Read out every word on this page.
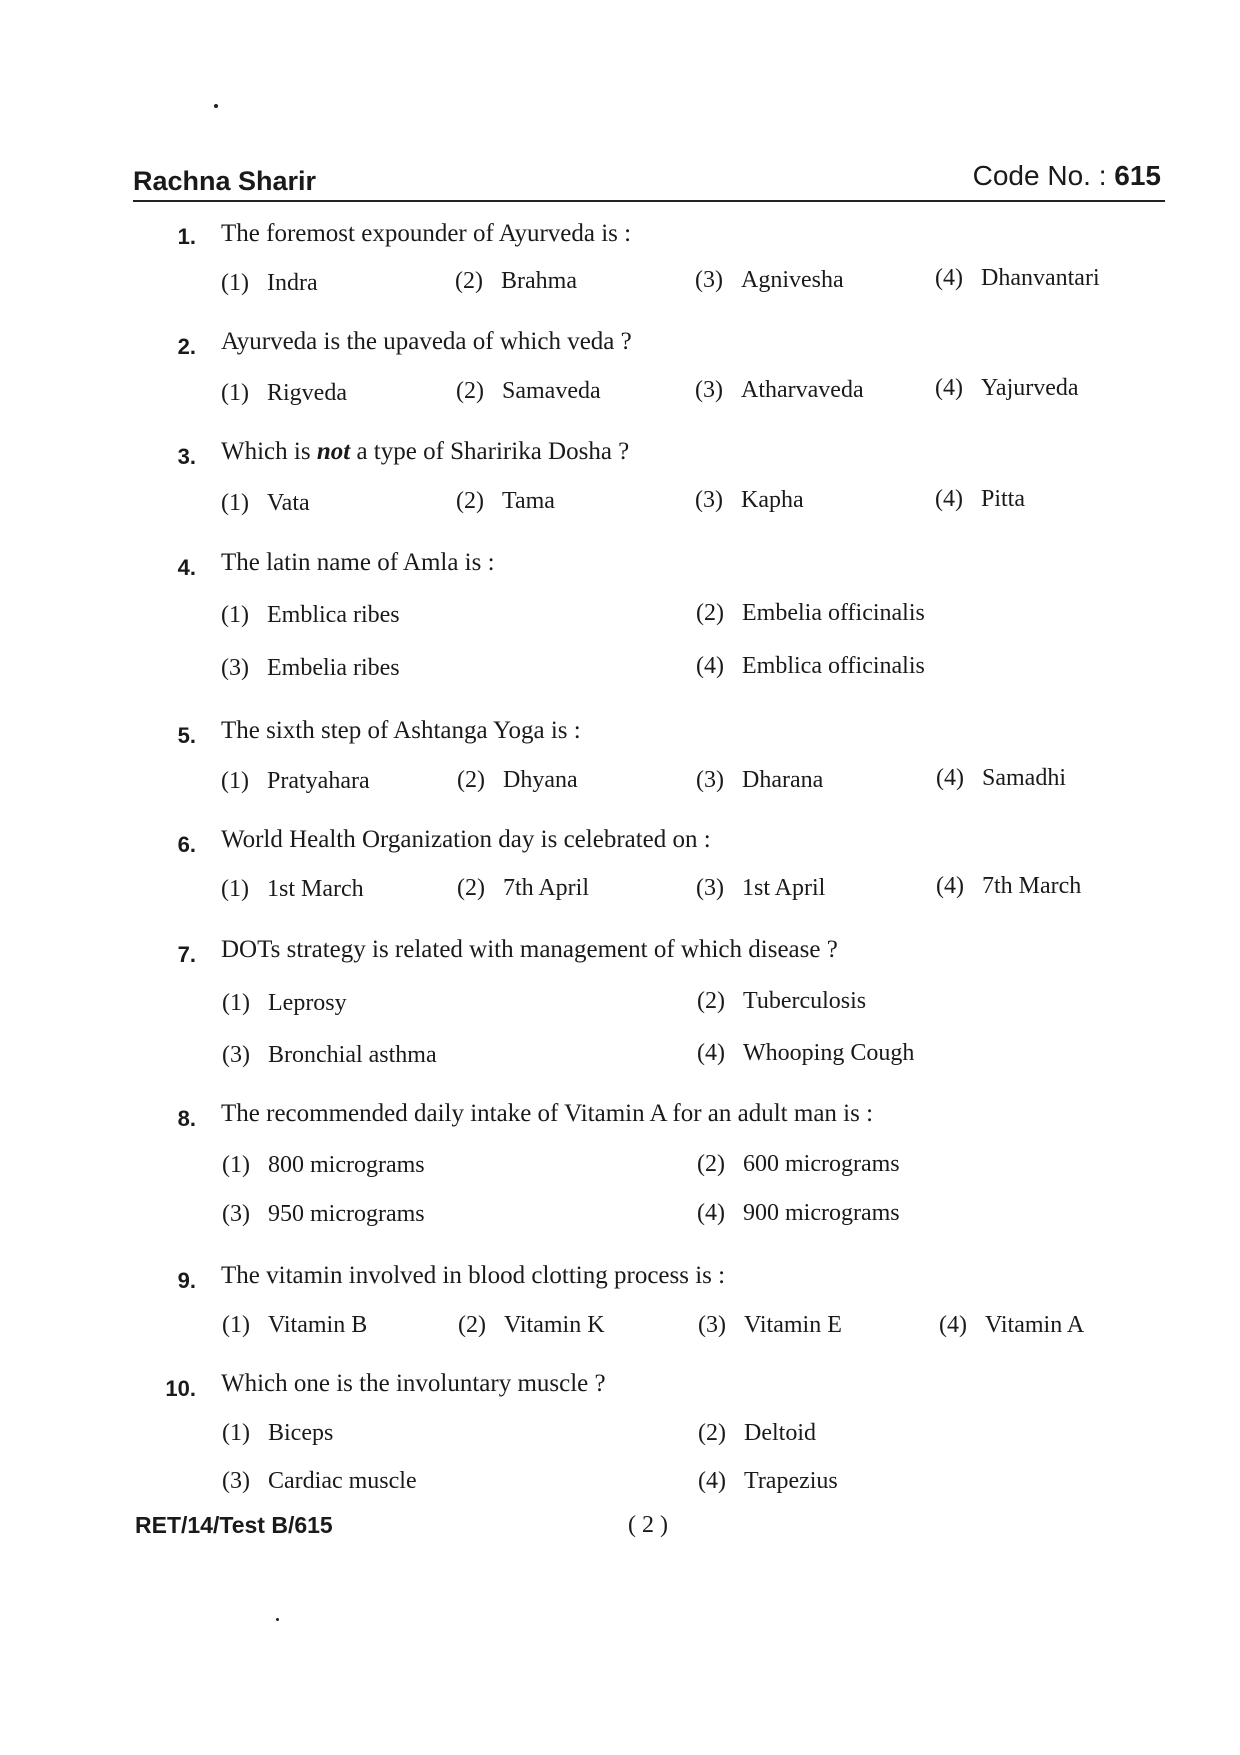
Rachna Sharir	Code No. : 615
1. The foremost expounder of Ayurveda is :
(1) Indra	(2) Brahma	(3) Agnivesha	(4) Dhanvantari
2. Ayurveda is the upaveda of which veda ?
(1) Rigveda	(2) Samaveda	(3) Atharvaveda	(4) Yajurveda
3. Which is not a type of Sharirika Dosha ?
(1) Vata	(2) Tama	(3) Kapha	(4) Pitta
4. The latin name of Amla is :
(1) Emblica ribes	(2) Embelia officinalis
(3) Embelia ribes	(4) Emblica officinalis
5. The sixth step of Ashtanga Yoga is :
(1) Pratyahara	(2) Dhyana	(3) Dharana	(4) Samadhi
6. World Health Organization day is celebrated on :
(1) 1st March	(2) 7th April	(3) 1st April	(4) 7th March
7. DOTs strategy is related with management of which disease ?
(1) Leprosy	(2) Tuberculosis
(3) Bronchial asthma	(4) Whooping Cough
8. The recommended daily intake of Vitamin A for an adult man is :
(1) 800 micrograms	(2) 600 micrograms
(3) 950 micrograms	(4) 900 micrograms
9. The vitamin involved in blood clotting process is :
(1) Vitamin B	(2) Vitamin K	(3) Vitamin E	(4) Vitamin A
10. Which one is the involuntary muscle ?
(1) Biceps	(2) Deltoid
(3) Cardiac muscle	(4) Trapezius
RET/14/Test B/615	( 2 )
